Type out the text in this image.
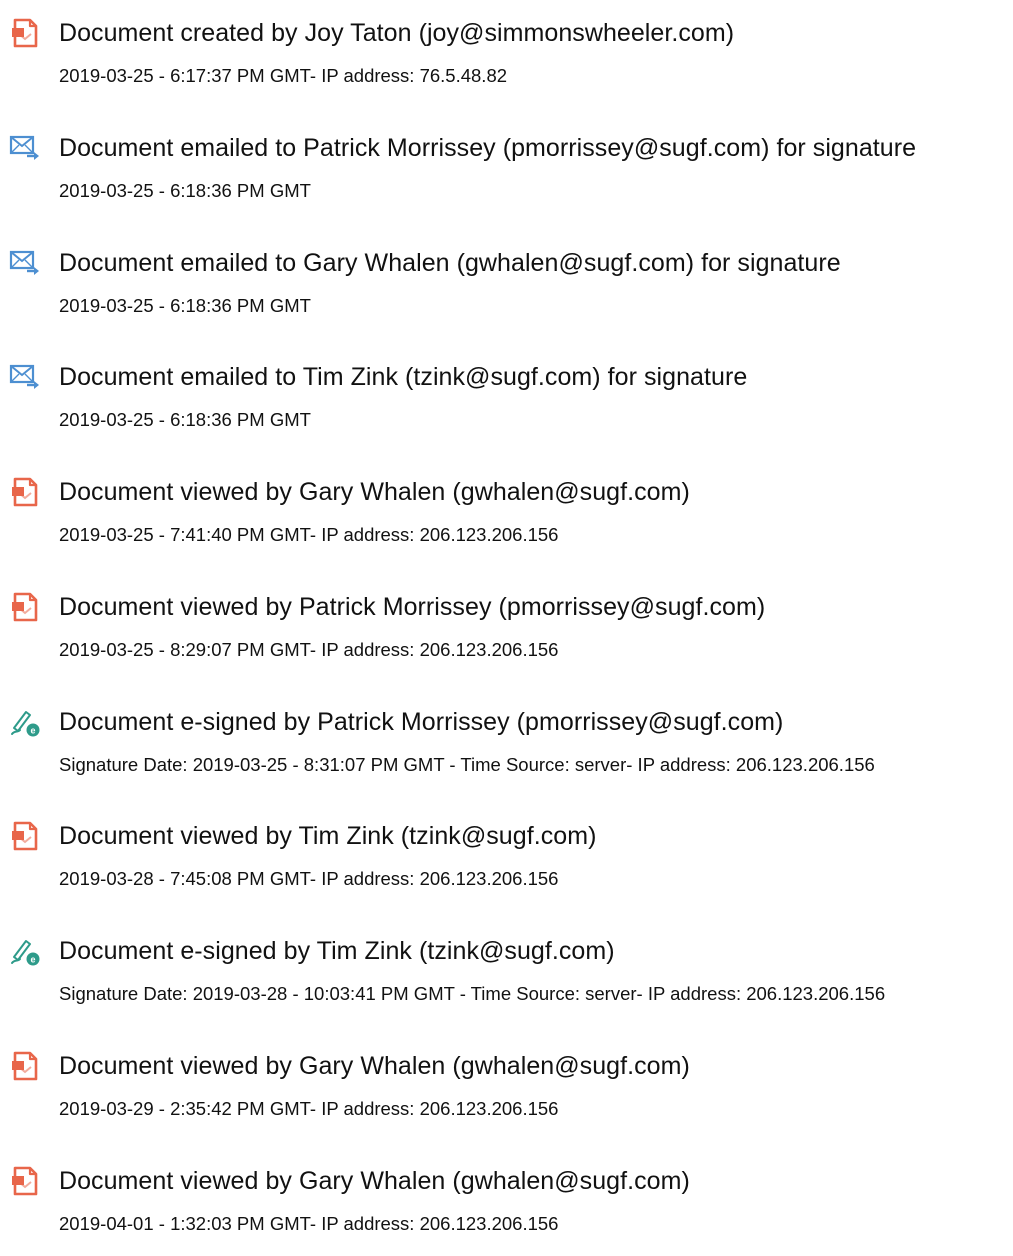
Document created by Joy Taton (joy@simmonswheeler.com)
2019-03-25 - 6:17:37 PM GMT- IP address: 76.5.48.82
Document emailed to Patrick Morrissey (pmorrissey@sugf.com) for signature
2019-03-25 - 6:18:36 PM GMT
Document emailed to Gary Whalen (gwhalen@sugf.com) for signature
2019-03-25 - 6:18:36 PM GMT
Document emailed to Tim Zink (tzink@sugf.com) for signature
2019-03-25 - 6:18:36 PM GMT
Document viewed by Gary Whalen (gwhalen@sugf.com)
2019-03-25 - 7:41:40 PM GMT- IP address: 206.123.206.156
Document viewed by Patrick Morrissey (pmorrissey@sugf.com)
2019-03-25 - 8:29:07 PM GMT- IP address: 206.123.206.156
e Document e-signed by Patrick Morrissey (pmorrissey@sugf.com)
Signature Date: 2019-03-25 - 8:31:07 PM GMT - Time Source: server- IP address: 206.123.206.156
Document viewed by Tim Zink (tzink@sugf.com)
2019-03-28 - 7:45:08 PM GMT- IP address: 206.123.206.156
e Document e-signed by Tim Zink (tzink@sugf.com)
Signature Date: 2019-03-28 - 10:03:41 PM GMT - Time Source: server- IP address: 206.123.206.156
Document viewed by Gary Whalen (gwhalen@sugf.com)
2019-03-29 - 2:35:42 PM GMT- IP address: 206.123.206.156
Document viewed by Gary Whalen (gwhalen@sugf.com)
2019-04-01 - 1:32:03 PM GMT- IP address: 206.123.206.156
